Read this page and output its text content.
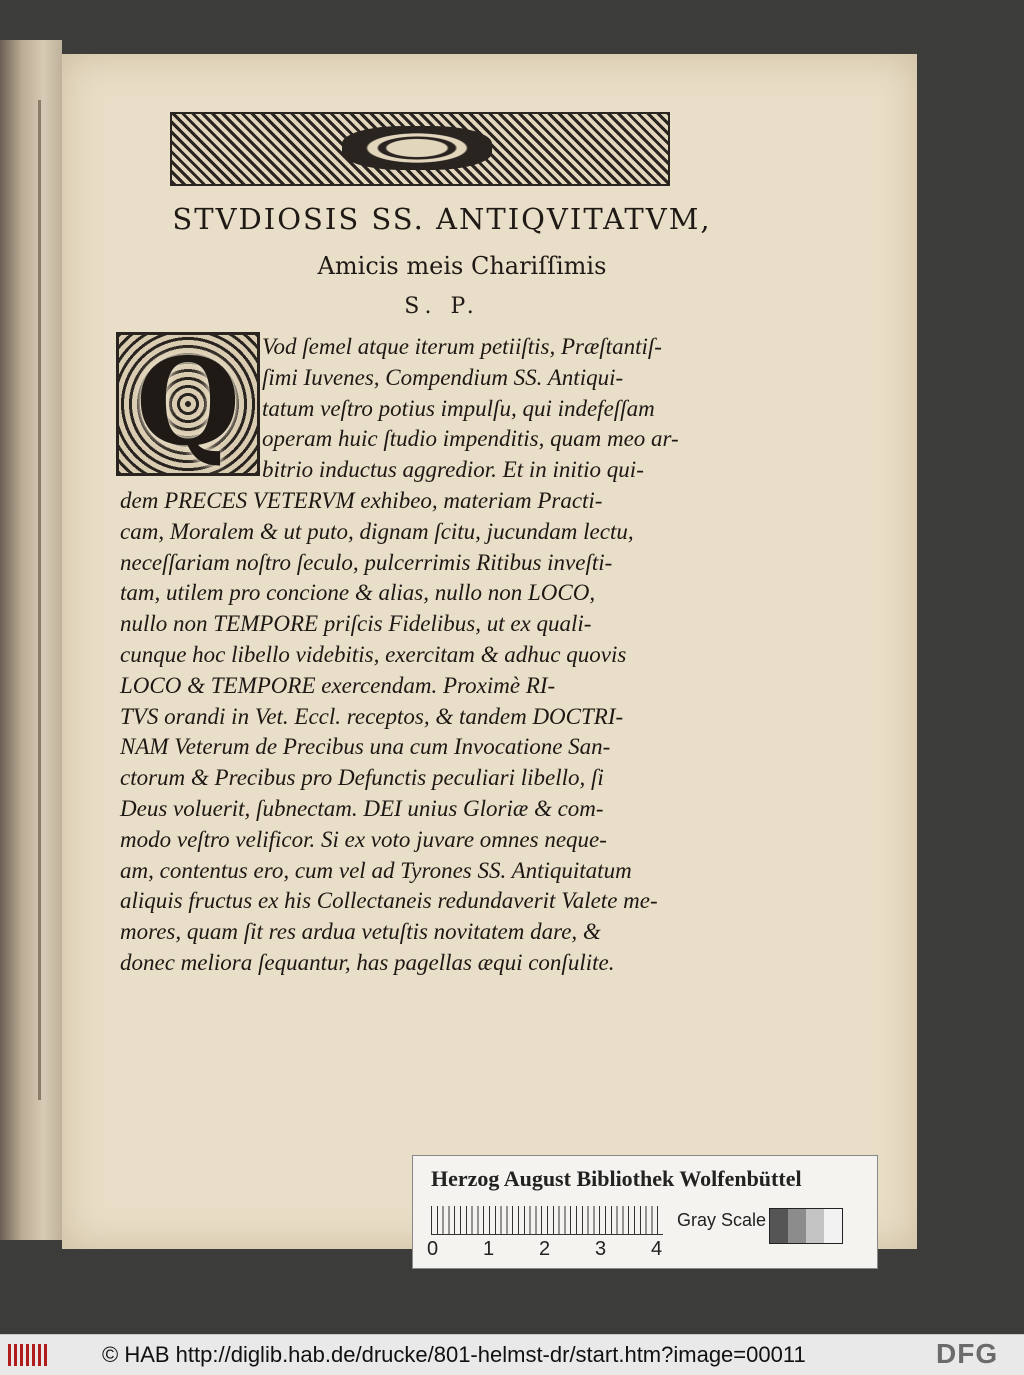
STVDIOSIS SS. ANTIQVITATVM,
Amicis meis Chariſſimis
S. P.
Vod ſemel atque iterum petiiſtis, Præſtantiſ-
ſimi Iuvenes, Compendium SS. Antiqui-
tatum veſtro potius impulſu, qui indefeſſam
operam huic ſtudio impenditis, quam meo ar-
bitrio inductus aggredior. Et in initio qui-
dem PRECES VETERVM exhibeo, materiam Practi-
cam, Moralem & ut puto, dignam ſcitu, jucundam lectu,
neceſſariam noſtro ſeculo, pulcerrimis Ritibus inveſti-
tam, utilem pro concione & alias, nullo non LOCO,
nullo non TEMPORE priſcis Fidelibus, ut ex quali-
cunque hoc libello videbitis, exercitam & adhuc quovis
LOCO & TEMPORE exercendam. Proximè RI-
TVS orandi in Vet. Eccl. receptos, & tandem DOCTRI-
NAM Veterum de Precibus una cum Invocatione San-
ctorum & Precibus pro Defunctis peculiari libello, ſi
Deus voluerit, ſubnectam. DEI unius Gloriæ & com-
modo veſtro velificor. Si ex voto juvare omnes nequе-
am, contentus ero, cum vel ad Tyrones SS. Antiquitatum
aliquis fructus ex his Collectaneis redundaverit Valete me-
mores, quam ſit res ardua vetuſtis novitatem dare, &
donec meliora ſequantur, has pagellas æqui conſulite.
Q
Herzog August Bibliothek Wolfenbüttel
0 1 2 3 4
Gray Scale
© HAB http://diglib.hab.de/drucke/801-helmst-dr/start.htm?image=00011	DFG
